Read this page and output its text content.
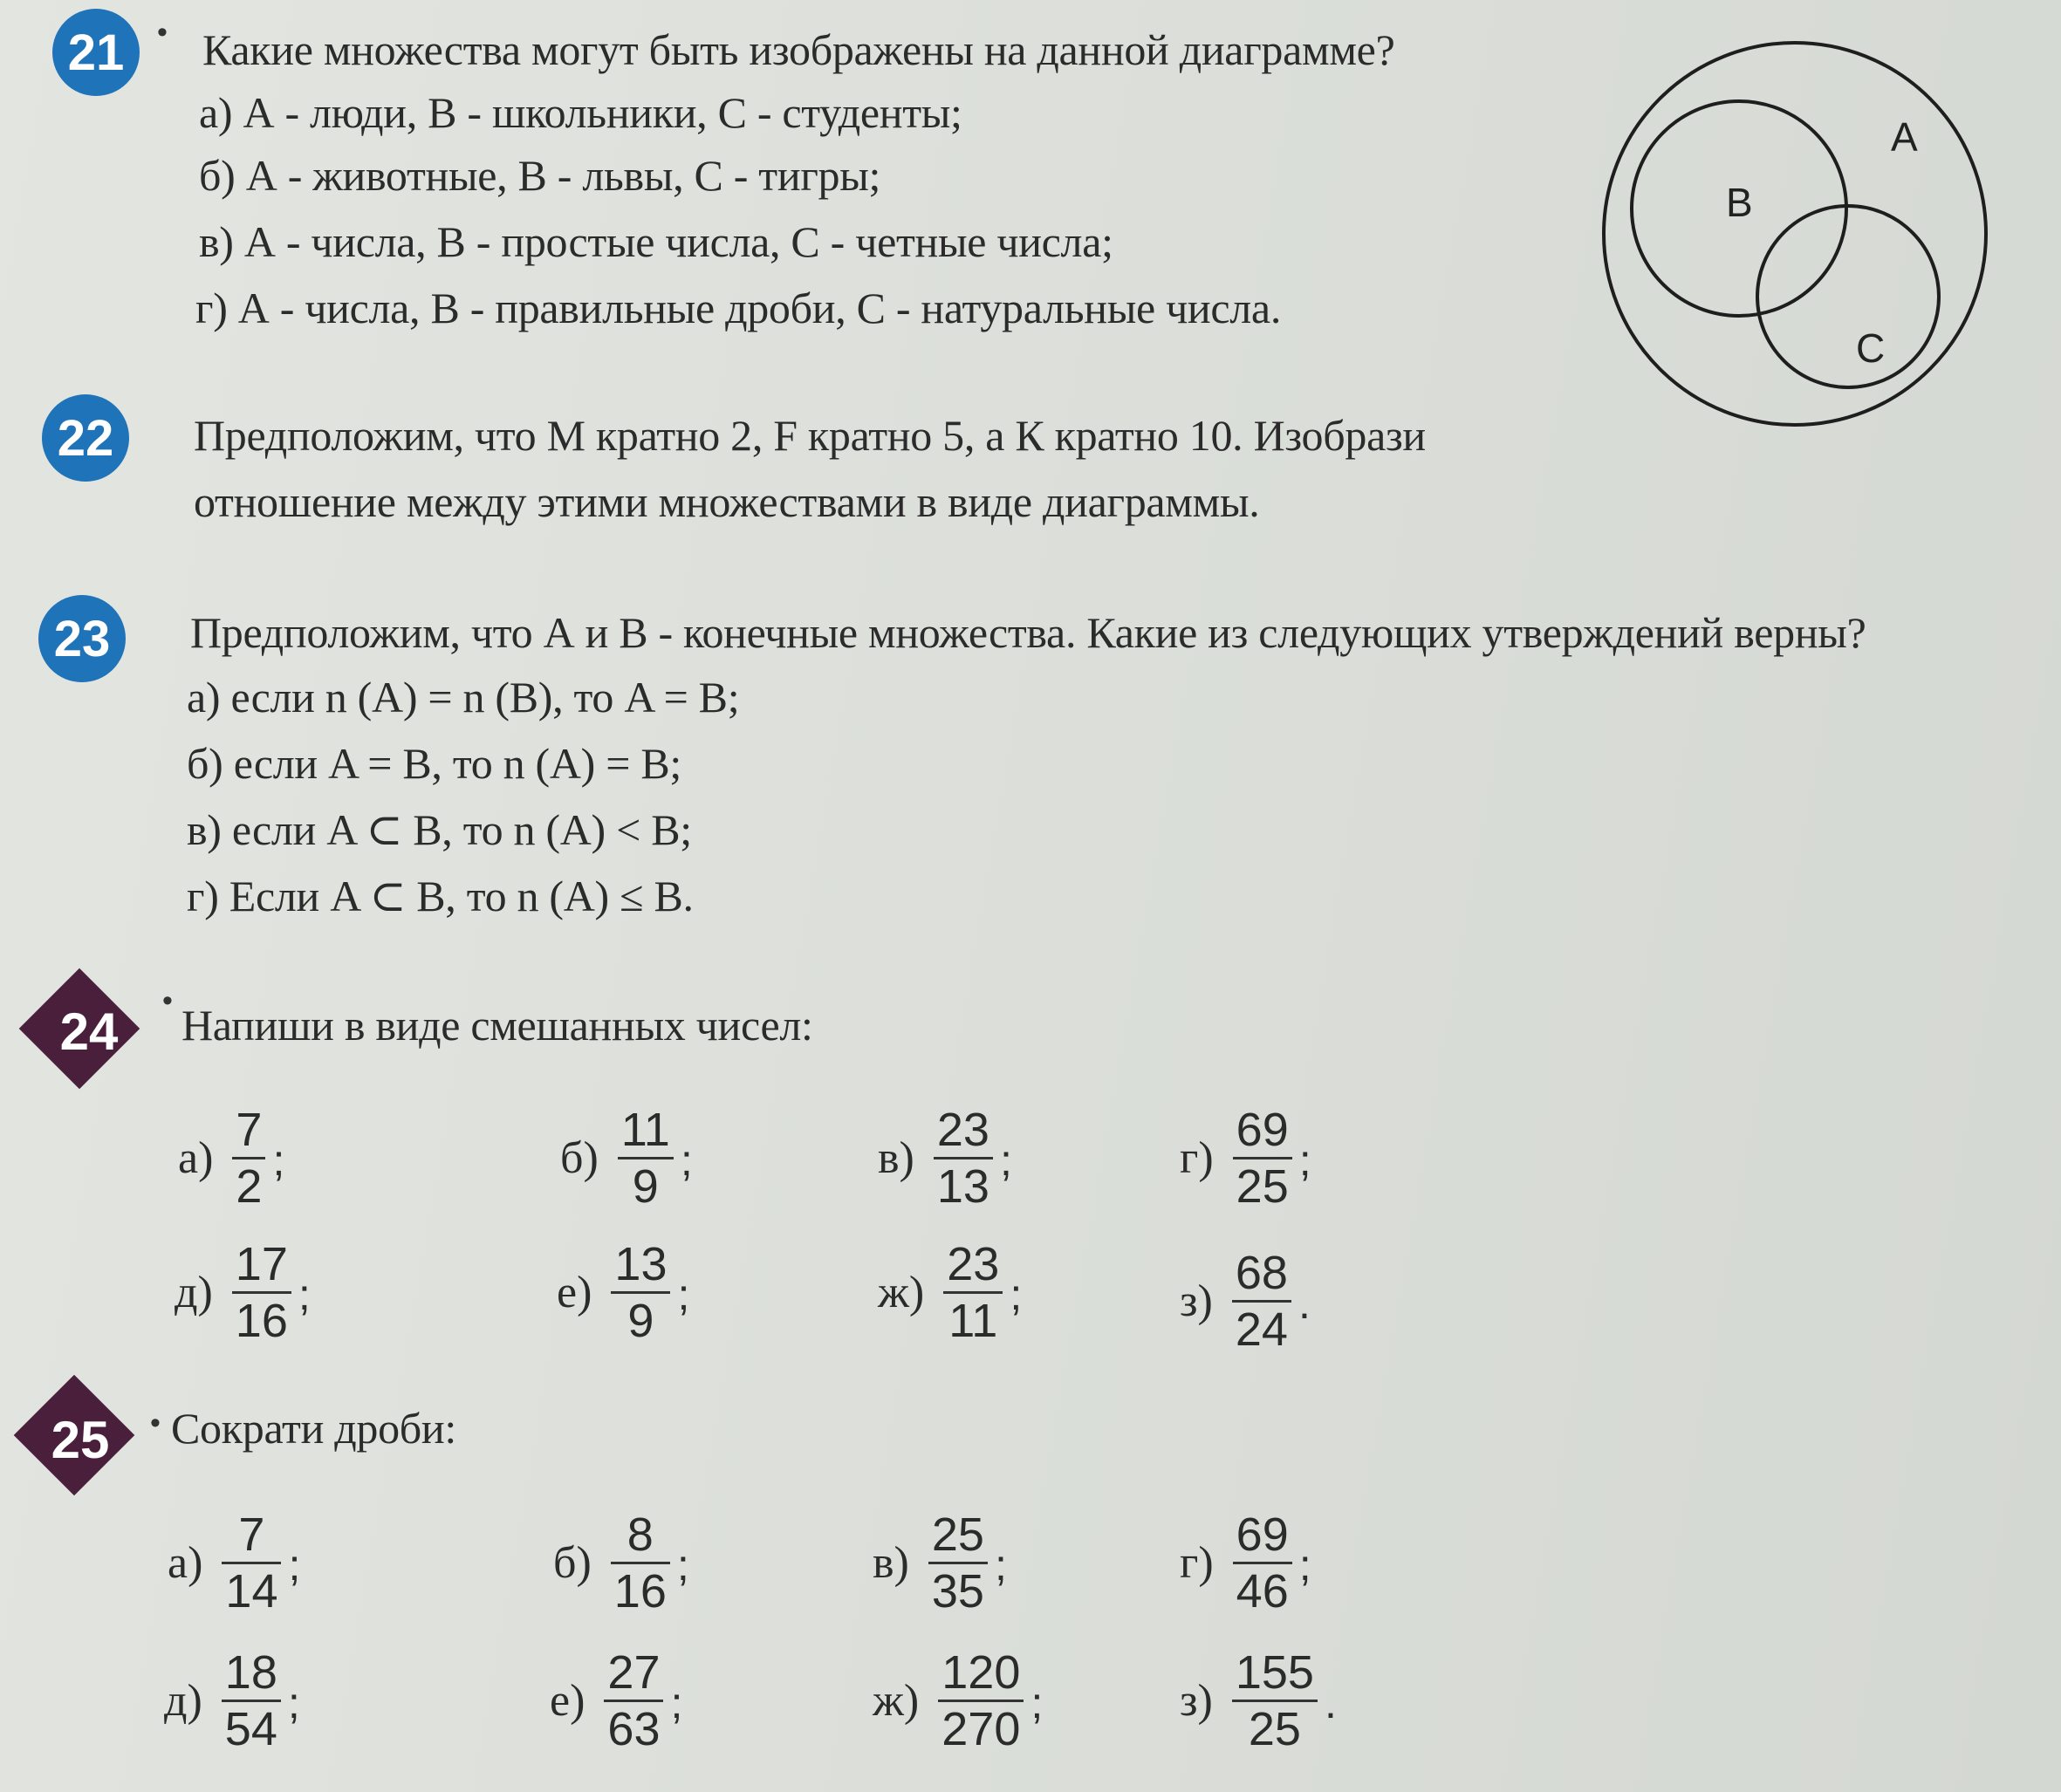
21 • Какие множества могут быть изображены на данной диаграмме?
а) А - люди, В - школьники, С - студенты;
б) А - животные, В - львы, С - тигры;
в) А - числа, В - простые числа, С - четные числа;
г) А - числа, В - правильные дроби, С - натуральные числа.
A
B
C
22 Предположим, что М кратно 2, F кратно 5, а К кратно 10. Изобрази
отношение между этими множествами в виде диаграммы.
23 Предположим, что А и В - конечные множества. Какие из следующих утверждений верны?
а) если n (A) = n (B), то A = B;
б) если A = B, то n (A) = B;
в) если A ⊂ B, то n (A) < B;
г) Если A ⊂ B, то n (A) ≤ B.
24
• Напиши в виде смешанных чисел:
$а) \frac{7}{2}$ ;	$б) \frac{11}{9}$ ;	$в) \frac{23}{13}$ ;	$г) \frac{69}{25}$ ;
$д) \frac{17}{16}$ ;	$е) \frac{13}{9}$ ;	$ж) \frac{23}{11}$ ;	$з) \frac{68}{24}$ .
25	• Сократи дроби:
$а) \frac{7}{14}$ ;	$б) \frac{8}{16}$ ;	$в) \frac{25}{35}$ ;	$г) \frac{69}{46}$ ;
$д) \frac{18}{54}$ ;	$е) \frac{27}{63}$ ;	$ж) \frac{120}{270}$ ;	$з) \frac{155}{25}$ .
